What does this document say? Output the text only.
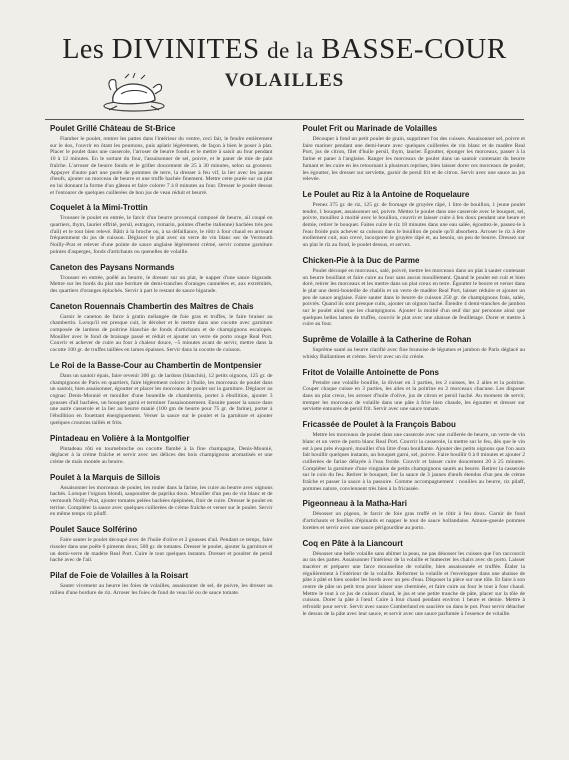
Les DIVINITES de la BASSE-COUR
VOLAILLES
Poulet Grillé Château de St-Brice

Flamber le poulet, rentrer les pattes dans l'intérieur du ventre, ceci fait, le fendre entièrement sur le dos, l'ouvrir en ôtant les poumons, puis aplatir légèrement, de façon à bien le poser à plat. Placer le poulet dans une casserole, l'arroser de beurre fondu et le mettre à saisir au four pendant 10 à 12 minutes. En le sortant du four, l'assaisonner de sel, poivre, et le paner de mie de pain fraîche. L'arroser de beurre fondu et le griller doucement de 25 à 30 minutes, selon sa grosseur. Appuyer d'autre part une purée de pommes de terre, la dresser à feu vif, la lier avec les jaunes d'œufs, ajouter un morceau de beurre et une truffe hachée finement. Mettre cette purée sur un plat en lui donnant la forme d'un gâteau et faire colorer 7 à 8 minutes au four. Dresser le poulet dessus et l'entourer de quelques cuillerées de bon jus de veau réduit et beurré.

Coquelet à la Mimi-Trottin

Trousser le poulet en entrée, le farcir d'un beurre provençal composé de beurre, ail coupé en quartiers, thym, laurier effrité, persil, estragon, romarin, pointes d'herbe italienne) hachées très peu d'ail) et le tout bien relevé. Bâtir à la broche ou, à sa défaillance, le rôtir à four chaud en arrosant fréquemment du jus de cuisson. Déglacer le plat avec un verre de vin blanc sec de Vermouth Noilly-Prat et relever d'une pointe de sauce anglaise légèrement crémé, servir comme garniture pointes d'asperges, fonds d'artichauts ou quenelles de volaille.

Caneton des Paysans Normands

Trousser en entrée, poêlé au beurre, le dresser sur un plat, le napper d'une sauce bigarade. Mettre sur les bords du plat une bordure de demi-tranches d'oranges cannelées et, aux extrémités, des quartiers d'oranges épluchés. Servir à part le restant de sauce bigarade.

Caneton Rouennais Chambertin des Maîtres de Chais

Garnir le caneton de farce à gratin mélangée de foie gras et truffes, le faire braiser au chambertin. Lorsqu'il est presque cuit, le dérober et le mettre dans une cocotte avec garniture composée de lardons de poitrine blanchie de fonds d'artichauts et de champignons escalopés. Mouiller avec le fond de braisage passé et réduit et ajouter un verre de porto rouge Real Port. Couvrir et achever de cuire au four à chaleur douce, ~5 minutes avant de servir, mettre dans la cocotte 100 gr. de truffes taillées en lames épaisses. Servir dans la cocotte de cuisson.

Le Roi de la Basse-Cour au Chambertin de Montpensier

Dans un sautoir épais, faire revenir 300 gr. de lardons (blanchis), 12 petits oignons, 125 gr. de champignons de Paris en quartiers, faire légèrement colorer à l'huile, les morceaux de poulet dans un sautoir, bien assaisonner, égoutter et placer les morceaux de poulet sur la garniture. Déglacer au cognac Denis-Mounié et mouiller d'une bouteille de chambertin, porter à ébullition, ajouter 3 gousses d'ail hachées, un bouquet garni et terminer l'assaisonnement. Ensuite passer la sauce dans une autre casserole et la lier au beurre manié (100 gm de beurre pour 75 gr. de farine), porter à l'ébullition en fouettant énergiquement. Verser la sauce sur le poulet et la garniture et ajouter quelques croutons taillés et frits.

Pintadeau en Volière à la Montgolfier

Pintadeau rôti en tournebroche ou cocotte flambé à la fine champagne, Denis-Mounié, déglacer à la crème fraîche et servir avec ses délices des bois champignons aromatisés et une crème de maïs montée au beurre.

Poulet à la Marquis de Sillois

Assaisonner les morceaux de poulet, les rouler dans la farine, les cuire au beurre avec oignons hachés. Lorsque l'oignon blondi, saupoudrer de paprika doux. Mouiller d'un peu de vin blanc et de vermouth Noilly-Prat, ajouter tomates pelées hachées épépinées, finir de cuire. Dresser le poulet en terrine. Compléter la sauce avec quelques cuillerées de crème fraîche et verser sur le poulet. Servir en même temps riz pilaff.

Poulet Sauce Solférino

Faire sauter le poulet découpé avec de l'huile d'olive et 2 gousses d'ail. Pendant ce temps, faire rissoler dans une poêle 6 piments doux, 500 gr. de tomates. Dresser le poulet, ajouter la garniture et un demi-verre de madère Real Port. Cuire le tout quelques instants. Dresser et poudrer de persil haché avec de l'ail.

Pilaf de Foie de Volailles à la Roisart

Sauter vivement au beurre les foies de volailles, assaisonner de sel, de poivre, les dresser au milieu d'une bordure de riz. Arroser les foies de fond de veau lié ou de sauce tomate.

Poulet Frit ou Marinade de Volailles

Découper à fond un petit poulet de grain, supprimer l'os des cuisses. Assaisonner sel, poivre et faire mariner pendant une demi-heure avec quelques cuillerées de vin blanc et de madère Real Port, jus de citron, filet d'huile persil, thym, laurier. Égoutter, éponger les morceaux, passer à la farine et paner à l'anglaise. Ranger les morceaux de poulet dans un sautoir contenant du beurre fumant et les cuire en les retournant à plusieurs reprises, bien laisser dorer ces morceaux de poulet, les égoutter, les dresser sur serviette, garnir de persil frit et de citron. Servir avec une sauce au jus relevée.

Le Poulet au Riz à la Antoine de Roquelaure

Prenez 375 gr. de riz, 125 gr. de fromage de gruyère râpé, 1 litre de bouillon, 1 jeune poulet tendre, 1 bouquet, assaisonner sel, poivre. Mettez le poulet dans une casserole avec le bouquet, sel, poivre, mouillez à moitié avec le bouillon, couvrir et laisser cuire à feu doux pendant une heure et demie, retirer le bouquet. Faites cuire le riz 18 minutes dans une eau salée, égouttez-le, passez-le à l'eau froide puis achever sa cuisson dans le bouillon de poule qu'il absorbera. Arroser le riz à être mollement cuit, non crevé, incorporer le gruyère râpé et, au besoin, un peu de beurre. Dressez sur un plat le riz au fond, le poulet dessus, et servez.

Chicken-Pie à la Duc de Parme

Poulet découpé en morceaux, salé, poivré, mettre les morceaux dans un plat à sauter contenant un beurre bouillant et faire cuire au four sans aucun mouillement. Quand le poulet est cuit et bien doré, retirer les morceaux et les mettre dans un plat creux en terre. Égoutter le beurre et verser dans le plat une demi-bouteille de chablis et un verre de madère Real Port, laisser réduire et ajouter un peu de sauce anglaise. Faire sauter dans le beurre de cuisson 250 gr. de champignons frais, salés, poivrés. Quand ils sont presque cuits, ajouter un oignon haché. Étendre 4 demi-tranches de jambon sur le poulet ainsi que les champignons. Ajouter la moitié d'un œuf dur par personne ainsi que quelques belles lames de truffes, couvrir le plat avec une abaisse de feuilletage. Dorer et mettre à cuire au four.

Suprême de Volaille à la Catherine de Rohan

Suprême sauté au beurre clarifié avec fine brunoise de légumes et jambon de Paris déglacé au whisky Ballantines et crème. Servir avec un riz créole.

Fritot de Volaille Antoinette de Pons

Prendre une volaille bouillie, la diviser en 3 parties, les 2 cuisses, les 2 ailes et la poitrine. Couper chaque cuisse en 3 parties, les ailes et la poitrine en 2 morceaux chacune. Les disposer dans un plat creux, les arroser d'huile d'olive, jus de citron et persil haché. Au moment de servir, tremper les morceaux de volaille dans une pâte à frire bien chaude, les égoutter et dresser sur serviette entourés de persil frit. Servir avec une sauce tomate.

Fricassée de Poulet à la François Babou

Mettre les morceaux de poulet dans une casserole avec une cuillerée de beurre, un verre de vin blanc et un verre de porto blanc Real Port. Couvrir la casserole, la mettre sur le feu, dès que le vin est à peu près évaporé, mouiller d'un litre d'eau bouillante. Ajouter des petits oignons que l'on aura fait bouillir quelques instants, un bouquet garni, sel, poivre. Faire bouillir 6 à 8 minutes et ajouter 2 cuillerées de farine délayée à l'eau froide. Couvrir et laisser cuire doucement 20 à 25 minutes. Compléter la garniture d'une vingtaine de petits champignons sautés au beurre. Retirer la casserole sur le coin du feu. Retirer le bouquet, lier la sauce de 3 jaunes d'œufs étendus d'un peu de crème fraîche et passer la sauce à la passoire. Comme accompagnement : nouilles au beurre, riz pilaff, pommes nature, conviennent très bien à la fricassée.

Pigeonneau à la Matha-Hari

Désosser un pigeon, le farcir de foie gras truffé et le rôtir à feu doux. Garnir de fond d'artichauts et feuilles d'épinards et napper le tout de sauce hollandaise. Amuse-gueule pommes lorettes et servir avec une sauce périgourdine au porto.

Coq en Pâte à la Liancourt

Désosser une belle volaille sans abîmer la peau, ne pas désosser les cuisses que l'on raccourcit au ras des pattes. Assaisonner l'intérieur de la volaille et humecter les chairs avec du porto. Laisser macérer et préparer une farce mousseline de volaille, bien assaisonnée et truffée. Étaler la régulièrement à l'intérieur de la volaille. Reformer la volaille et l'envelopper dans une abaisse de pâte à pâté et bien souder les bords avec un peu d'eau. Disposer la pièce sur une tôle. Et faire à son centre de pâte un petit trou pour laisser une cheminée, et faire cuire au four le tout à four chaud. Mettre le tout à ce jus de cuisson chaud, le jus et une petite tranche de pâte, placer sur la tôle de cuisson. Dorer la pâte à l'œuf. Cuire à four chaud pendant environ 1 heure et demie. Mettre à refroidir pour servir. Servir avec sauce Cumberland en saucière ou dans le pot. Pour servir détacher le dessus de la pâte avec leur sauce, et servir avec une sauce parfumée à l'essence de volaille.
